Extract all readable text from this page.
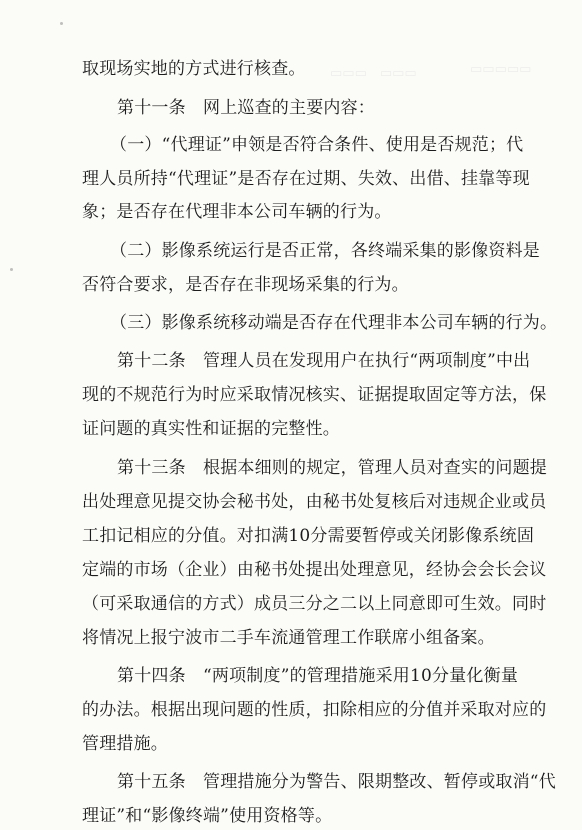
▭▭▭　▭▭▭	▭▭▭▭▭
取现场实地的方式进行核查。
第十一条　网上巡查的主要内容：
（一）“代理证”申领是否符合条件、使用是否规范；代
理人员所持“代理证”是否存在过期、失效、出借、挂靠等现
象；是否存在代理非本公司车辆的行为。
（二）影像系统运行是否正常，各终端采集的影像资料是
否符合要求，是否存在非现场采集的行为。
（三）影像系统移动端是否存在代理非本公司车辆的行为。
第十二条　管理人员在发现用户在执行“两项制度”中出
现的不规范行为时应采取情况核实、证据提取固定等方法，保
证问题的真实性和证据的完整性。
第十三条　根据本细则的规定，管理人员对查实的问题提
出处理意见提交协会秘书处，由秘书处复核后对违规企业或员
工扣记相应的分值。对扣满10分需要暂停或关闭影像系统固
定端的市场（企业）由秘书处提出处理意见，经协会会长会议
（可采取通信的方式）成员三分之二以上同意即可生效。同时
将情况上报宁波市二手车流通管理工作联席小组备案。
第十四条　“两项制度”的管理措施采用10分量化衡量
的办法。根据出现问题的性质，扣除相应的分值并采取对应的
管理措施。
第十五条　管理措施分为警告、限期整改、暂停或取消“代
理证”和“影像终端”使用资格等。
